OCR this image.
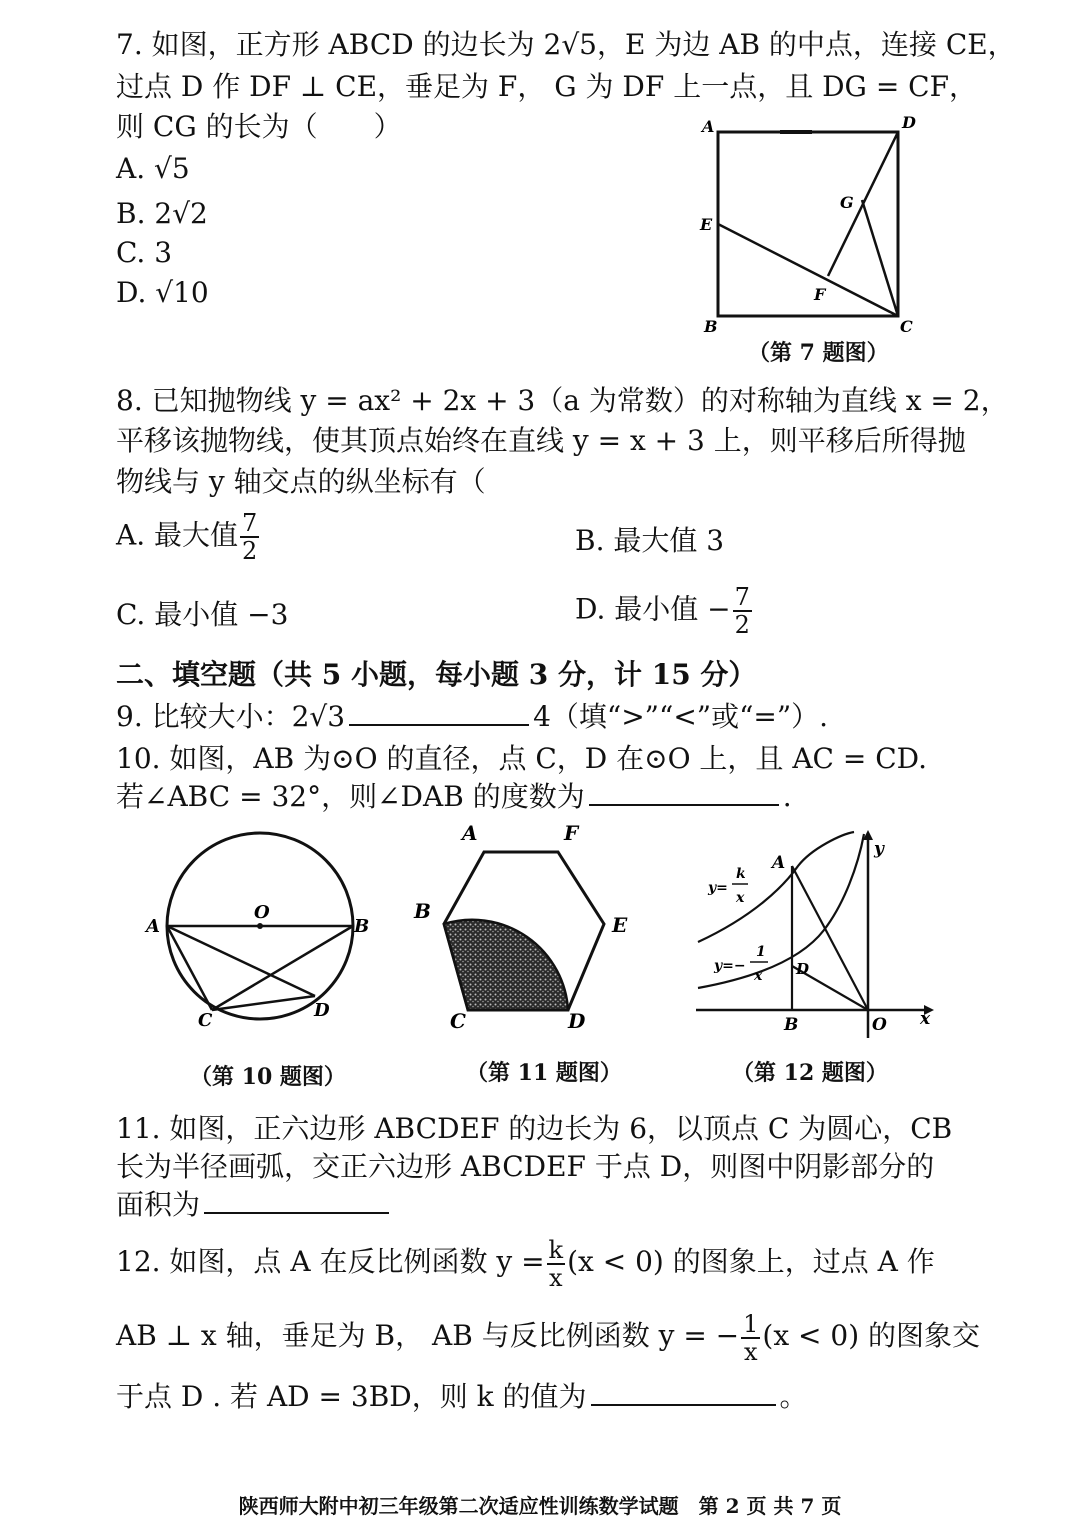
7. 如图，正方形 ABCD 的边长为 2√5，E 为边 AB 的中点，连接 CE，
过点 D 作 DF ⊥ CE，垂足为 F， G 为 DF 上一点，且 DG = CF，
则 CG 的长为（　　）
A. √5
B. 2√2
C. 3
D. √10
A	D
E
G
F
B	C
（第 7 题图）
8. 已知抛物线 y = ax² + 2x + 3（a 为常数）的对称轴为直线 x = 2，
平移该抛物线，使其顶点始终在直线 y = x + 3 上，则平移后所得抛
物线与 y 轴交点的纵坐标有（
A. 最大值 $\frac{7}{2}$	B. 最大值 3
C. 最小值 −3	D. 最小值 − $\frac{7}{2}$
二、填空题（共 5 小题，每小题 3 分，计 15 分）
9. 比较大小：2√3	4（填“>”“<”或“=”）.
10. 如图，AB 为⊙O 的直径，点 C，D 在⊙O 上，且 AC = CD.
若∠ABC = 32°，则∠DAB 的度数为	.
A
O
B
C	D
（第 10 题图）
A	F
B
E
C	D
（第 11 题图）
A
y
B	O x
D
y=
k
x
y=−
1
x
（第 12 题图）
11. 如图，正六边形 ABCDEF 的边长为 6，以顶点 C 为圆心，CB
长为半径画弧，交正六边形 ABCDEF 于点 D，则图中阴影部分的
面积为
12. 如图，点 A 在反比例函数 $y = \frac{k}{x} (x < 0)$ 的图象上，过点 A 作
AB ⊥ x 轴，垂足为 B， AB 与反比例函数 y = − $\frac{1}{x} (x < 0)$ 的图象交
于点 D . 若 AD = 3BD，则 k 的值为	。
陕西师大附中初三年级第二次适应性训练数学试题　第 2 页 共 7 页
